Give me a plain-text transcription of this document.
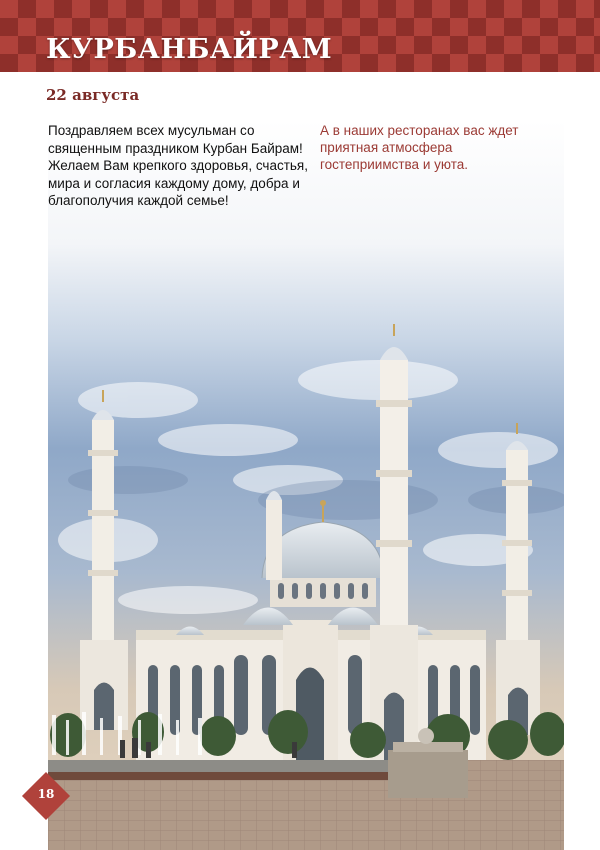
КУРБАНБАЙРАМ
22 августа

Поздравляем всех мусульман со священным праздником Курбан Байрам!

Желаем Вам крепкого здоровья, счастья, мира и согласия каждому дому, добра и благополучия каждой семье!

А в наших ресторанах вас ждет приятная атмосфера гостеприимства и уюта.
18
